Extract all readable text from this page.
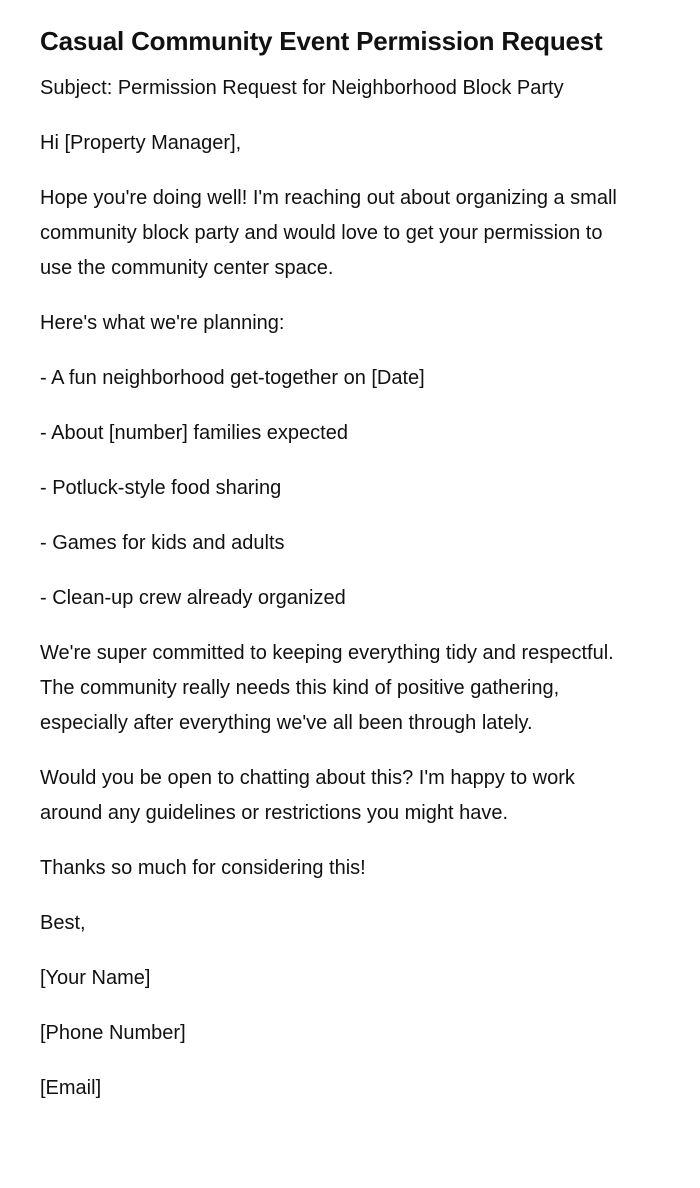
Casual Community Event Permission Request

Subject: Permission Request for Neighborhood Block Party

Hi [Property Manager],

Hope you're doing well! I'm reaching out about organizing a small community block party and would love to get your permission to use the community center space.

Here's what we're planning:

- A fun neighborhood get-together on [Date]

- About [number] families expected

- Potluck-style food sharing

- Games for kids and adults

- Clean-up crew already organized

We're super committed to keeping everything tidy and respectful. The community really needs this kind of positive gathering, especially after everything we've all been through lately.

Would you be open to chatting about this? I'm happy to work around any guidelines or restrictions you might have.

Thanks so much for considering this!

Best,

[Your Name]

[Phone Number]

[Email]
